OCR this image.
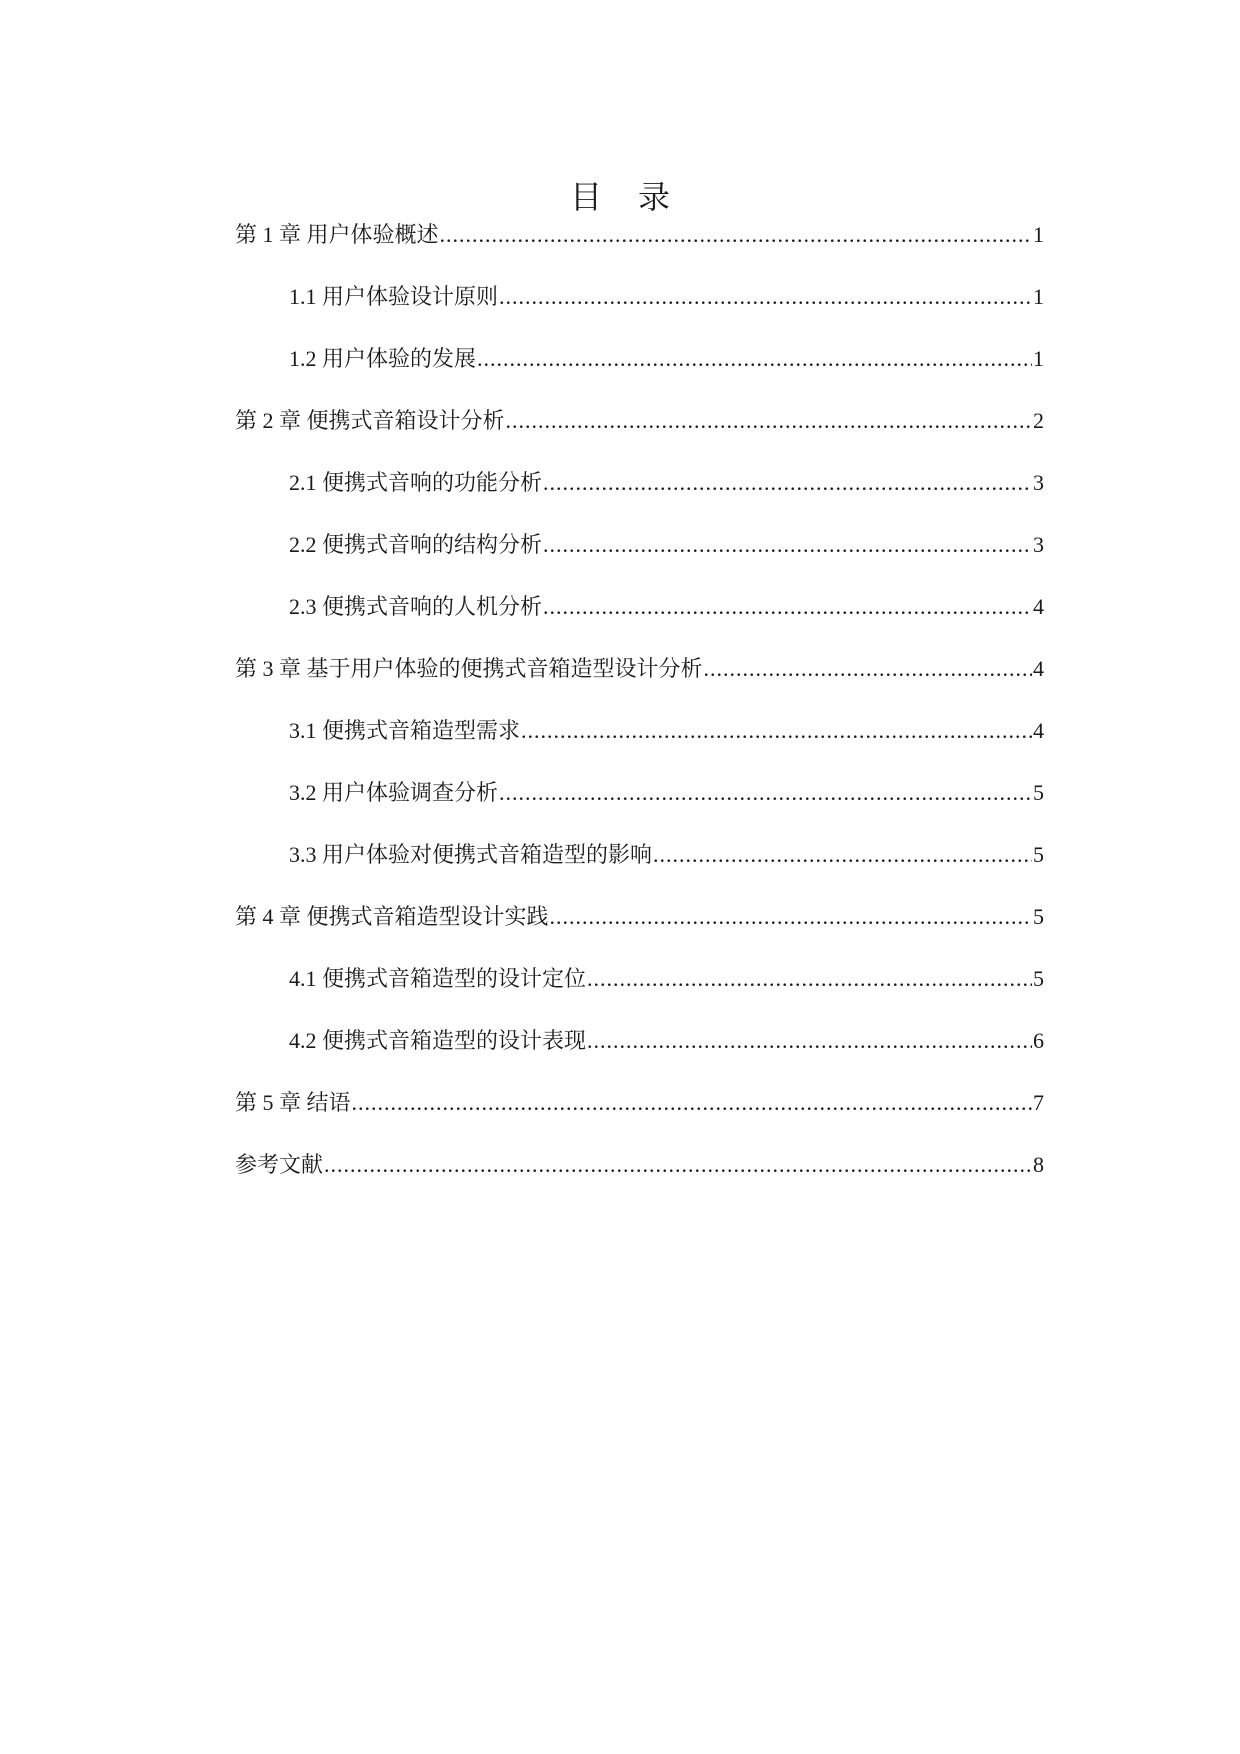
目 录
第 1 章 用户体验概述 .....	1
1.1 用户体验设计原则 .....	1
1.2 用户体验的发展 .....	1
第 2 章 便携式音箱设计分析 .....	2
2.1 便携式音响的功能分析 .....	3
2.2 便携式音响的结构分析 .....	3
2.3 便携式音响的人机分析 .....	4
第 3 章 基于用户体验的便携式音箱造型设计分析 .....	4
3.1 便携式音箱造型需求 .....	4
3.2 用户体验调查分析 .....	5
3.3 用户体验对便携式音箱造型的影响 .....	5
第 4 章 便携式音箱造型设计实践 .....	5
4.1 便携式音箱造型的设计定位 .....	5
4.2 便携式音箱造型的设计表现 .....	6
第 5 章 结语 .....	7
参考文献 .....	8
